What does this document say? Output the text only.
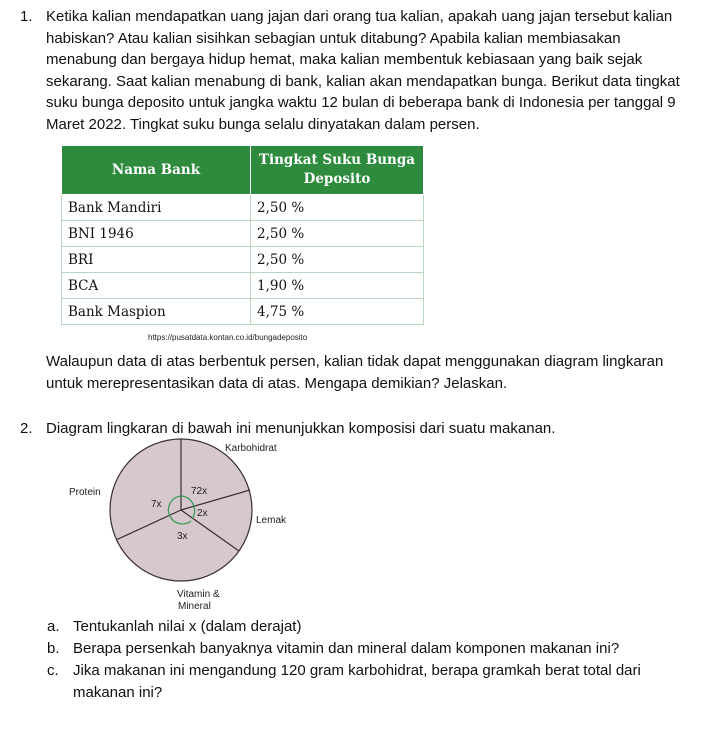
1. Ketika kalian mendapatkan uang jajan dari orang tua kalian, apakah uang jajan tersebut kalian habiskan? Atau kalian sisihkan sebagian untuk ditabung? Apabila kalian membiasakan menabung dan bergaya hidup hemat, maka kalian membentuk kebiasaan yang baik sejak sekarang. Saat kalian menabung di bank, kalian akan mendapatkan bunga. Berikut data tingkat suku bunga deposito untuk jangka waktu 12 bulan di beberapa bank di Indonesia per tanggal 9 Maret 2022. Tingkat suku bunga selalu dinyatakan dalam persen.
Nama Bank	Tingkat Suku Bunga
Deposito
Bank Mandiri	2,50 %
BNI 1946	2,50 %
BRI	2,50 %
BCA	1,90 %
Bank Maspion	4,75 %
https://pusatdata.kontan.co.id/bungadeposito
Walaupun data di atas berbentuk persen, kalian tidak dapat menggunakan diagram lingkaran untuk merepresentasikan data di atas. Mengapa demikian? Jelaskan.
2. Diagram lingkaran di bawah ini menunjukkan komposisi dari suatu makanan.
Karbohidrat
Lemak
Vitamin &
Mineral
Protein	72x
2x
3x
7x
a. Tentukanlah nilai x (dalam derajat)
b. Berapa persenkah banyaknya vitamin dan mineral dalam komponen makanan ini?
c. Jika makanan ini mengandung 120 gram karbohidrat, berapa gramkah berat total dari makanan ini?
